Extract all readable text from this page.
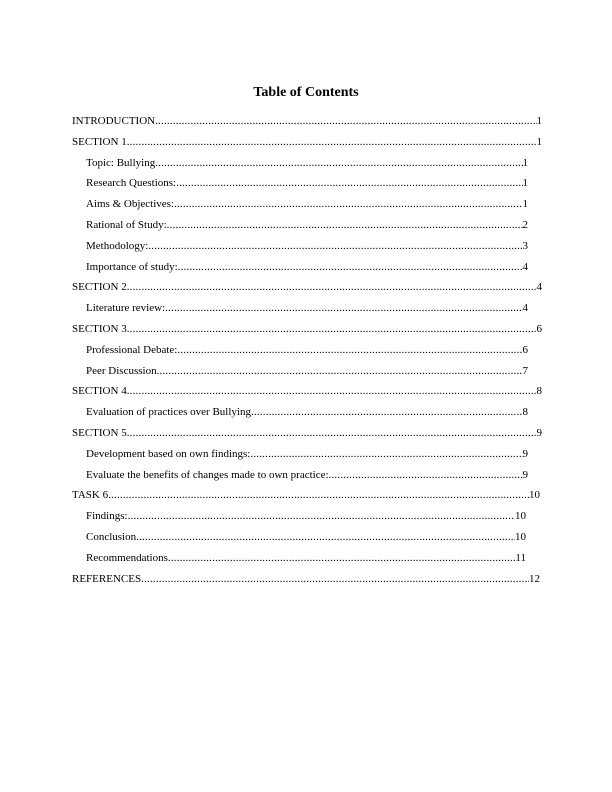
Table of Contents
INTRODUCTION .....	1
SECTION 1 .....	1
Topic: Bullying .....	1
Research Questions: .....	1
Aims & Objectives: .....	1
Rational of Study: .....	2
Methodology: .....	3
Importance of study: .....	4
SECTION 2 .....	4
Literature review: .....	4
SECTION 3 .....	6
Professional Debate: .....	6
Peer Discussion .....	7
SECTION 4 .....	8
Evaluation of practices over Bullying .....	8
SECTION 5 .....	9
Development based on own findings: .....	9
Evaluate the benefits of changes made to own practice: .....	9
TASK 6 .....	10
Findings: .....	10
Conclusion .....	10
Recommendations .....	11
REFERENCES .....	12
